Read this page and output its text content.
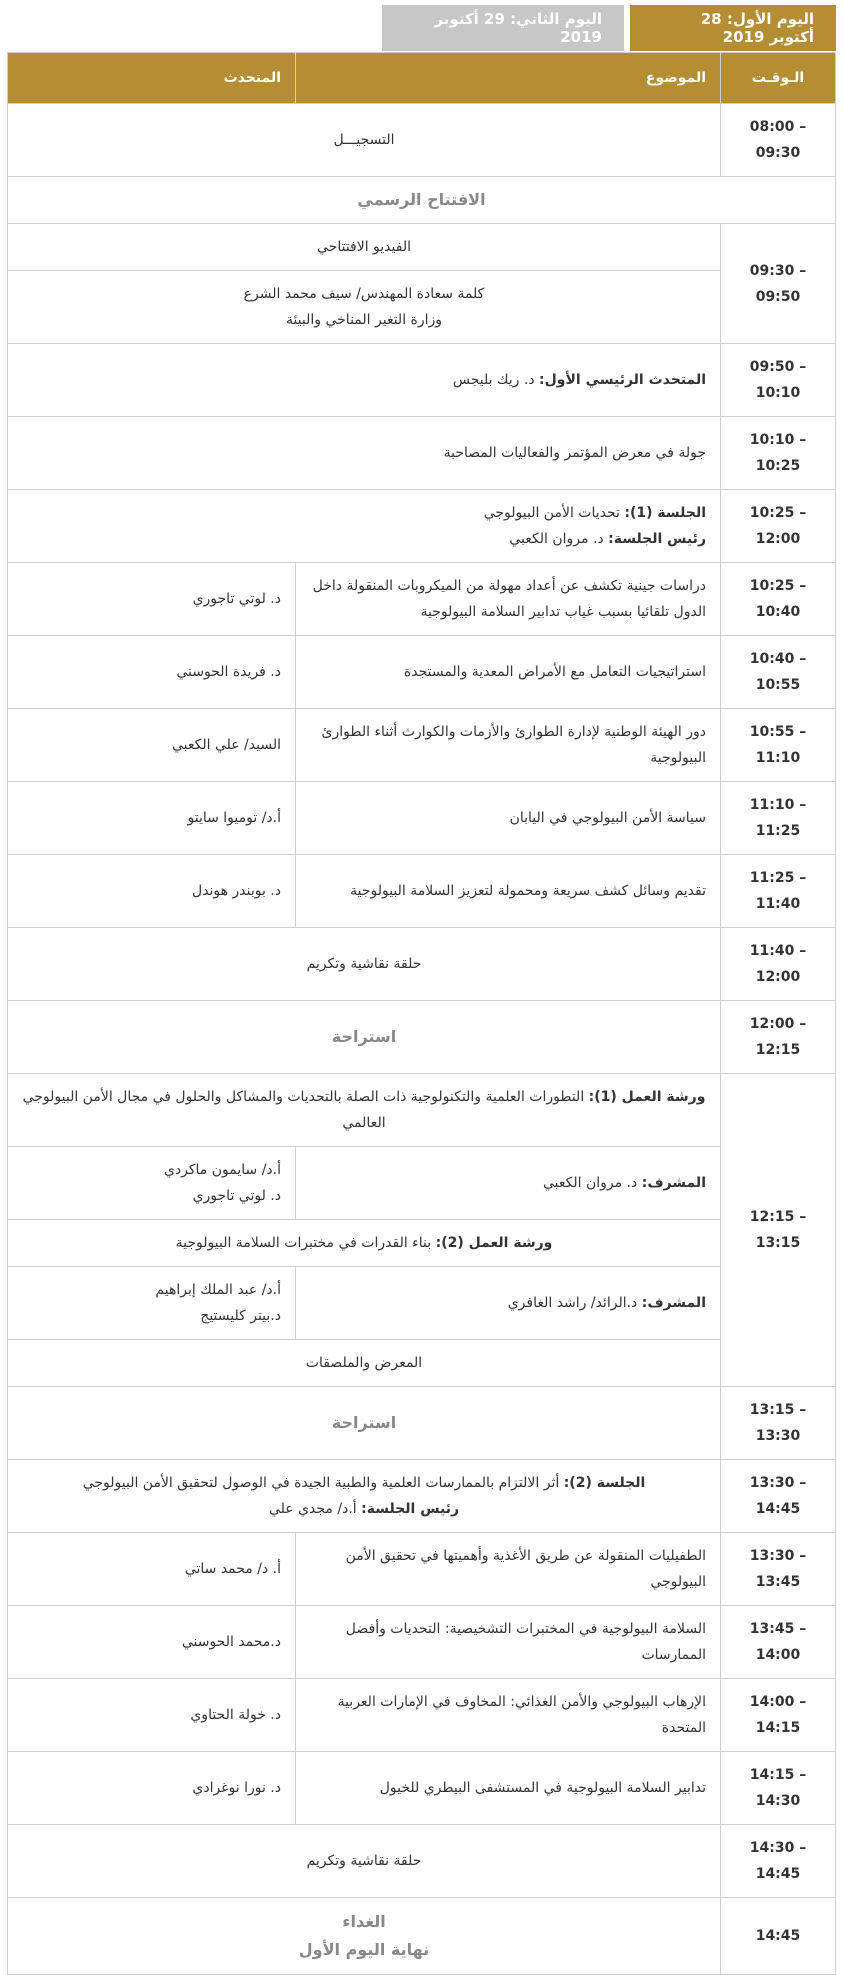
اليوم الأول: 28 أكتوبر 2019
اليوم الثاني: 29 أكتوبر 2019
الـوقـت	الموضوع	المتحدث
08:00 – 09:30	التسجيـــل	
الافتتاح الرسمي		
09:30 – 09:50	الفيديو الافتتاحي	

	كلمة سعادة المهندس/ سيف محمد الشرع
وزارة التغير المناخي والبيئة	

09:50 – 10:10	المتحدث الرئيسي الأول: د. ريك بليجس	
10:10 – 10:25	جولة في معرض المؤتمر والفعاليات المصاحبة	
10:25 – 12:00	الجلسة (1): تحديات الأمن البيولوجي
رئيس الجلسة: د. مروان الكعبي	

10:25 – 10:40	دراسات جينية تكشف عن أعداد مهولة من الميكروبات المنقولة داخل الدول تلقائيا بسبب غياب تدابير السلامة البيولوجية	د. لوتي تاجوري
10:40 – 10:55	استراتيجيات التعامل مع الأمراض المعدية والمستجدة	د. فريدة الحوسني
10:55 – 11:10	دور الهيئة الوطنية لإدارة الطوارئ والأزمات والكوارث أثناء الطوارئ البيولوجية	السيد/ علي الكعبي
11:10 – 11:25	سياسة الأمن البيولوجي في اليابان	أ.د/ توميوا سايتو
11:25 – 11:40	تقديم وسائل كشف سريعة ومحمولة لتعزيز السلامة البيولوجية	د. بوبندر هوندل
11:40 – 12:00	حلقة نقاشية وتكريم	
12:00 – 12:15	استراحة	
12:15 – 13:15	ورشة العمل (1): التطورات العلمية والتكنولوجية ذات الصلة بالتحديات والمشاكل والحلول في مجال الأمن البيولوجي العالمي	
	المشرف: د. مروان الكعبي	أ.د/ سايمون ماكردي
د. لوتي تاجوري

	ورشة العمل (2): بناء القدرات في مختبرات السلامة البيولوجية	
	المشرف: د.الرائد/ راشد الغافري	أ.د/ عبد الملك إبراهيم
د.بيتر كليستيج

	المعرض والملصقات	
13:15 – 13:30	استراحة	
13:30 – 14:45	الجلسة (2): أثر الالتزام بالممارسات العلمية والطبية الجيدة في الوصول لتحقيق الأمن البيولوجي
رئيس الجلسة: أ.د/ مجدي علي	

13:30 – 13:45	الطفيليات المنقولة عن طريق الأغذية وأهميتها في تحقيق الأمن البيولوجي	أ. د/ محمد ساتي
13:45 – 14:00	السلامة البيولوجية في المختبرات التشخيصية: التحديات وأفضل الممارسات	د.محمد الحوسني
14:00 – 14:15	الإرهاب البيولوجي والأمن الغذائي: المخاوف في الإمارات العربية المتحدة	د. خولة الحتاوي
14:15 – 14:30	تدابير السلامة البيولوجية في المستشفى البيطري للخيول	د. نورا نوغرادي
14:30 – 14:45	حلقة نقاشية وتكريم	
14:45	الغداء
نهاية اليوم الأول	
